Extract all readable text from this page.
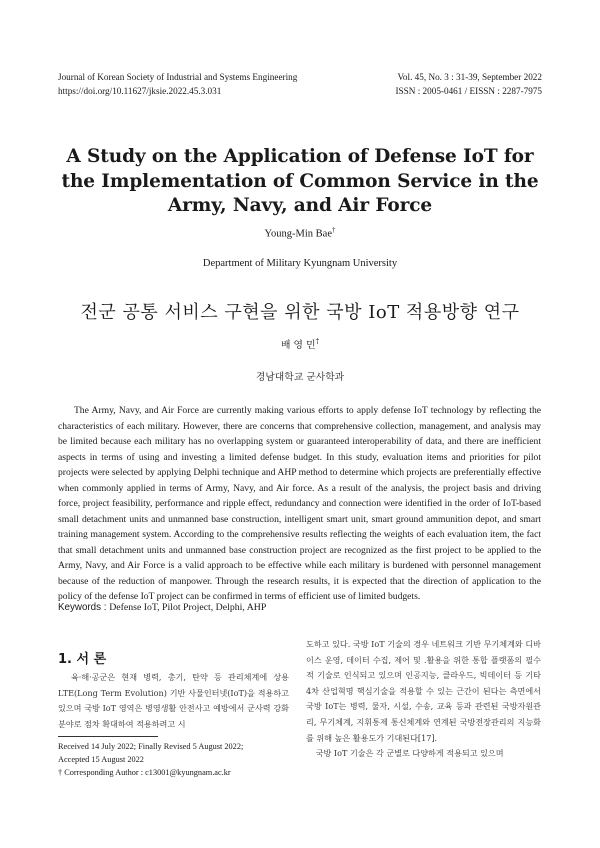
Journal of Korean Society of Industrial and Systems Engineering
https://doi.org/10.11627/jksie.2022.45.3.031
Vol. 45, No. 3 : 31-39, September 2022
ISSN : 2005-0461 / EISSN : 2287-7975
A Study on the Application of Defense IoT for the Implementation of Common Service in the Army, Navy, and Air Force
Young-Min Bae†
Department of Military Kyungnam University
전군 공통 서비스 구현을 위한 국방 IoT 적용방향 연구
배 영 민†
경남대학교 군사학과
The Army, Navy, and Air Force are currently making various efforts to apply defense IoT technology by reflecting the characteristics of each military. However, there are concerns that comprehensive collection, management, and analysis may be limited because each military has no overlapping system or guaranteed interoperability of data, and there are inefficient aspects in terms of using and investing a limited defense budget. In this study, evaluation items and priorities for pilot projects were selected by applying Delphi technique and AHP method to determine which projects are preferentially effective when commonly applied in terms of Army, Navy, and Air force. As a result of the analysis, the project basis and driving force, project feasibility, performance and ripple effect, redundancy and connection were identified in the order of IoT-based small detachment units and unmanned base construction, intelligent smart unit, smart ground ammunition depot, and smart training management system. According to the comprehensive results reflecting the weights of each evaluation item, the fact that small detachment units and unmanned base construction project are recognized as the first project to be applied to the Army, Navy, and Air Force is a valid approach to be effective while each military is burdened with personnel management because of the reduction of manpower. Through the research results, it is expected that the direction of application to the policy of the defense IoT project can be confirmed in terms of efficient use of limited budgets.
Keywords : Defense IoT, Pilot Project, Delphi, AHP
1. 서 론

육·해·공군은 현재 병력, 총기, 탄약 등 관리체계에 상용 LTE(Long Term Evolution) 기반 사물인터넷(IoT)을 적용하고 있으며 국방 IoT 영역은 병영생활 안전사고 예방에서 군사력 강화분야로 점차 확대하여 적용하려고 시

도하고 있다. 국방 IoT 기술의 경우 네트워크 기반 무기체계와 디바이스 운영, 데이터 수집, 제어 및 .활용을 위한 통합 플랫폼의 필수적 기술로 인식되고 있으며 인공지능, 클라우드, 빅데이터 등 기타 4차 산업혁명 핵심기술을 적용할 수 있는 근간이 된다는 측면에서 국방 IoT는 병력, 물자, 시설, 수송, 교육 등과 관련된 국방자원관리, 무기체계, 지휘통제 통신체계와 연계된 국방전장관리의 지능화를 위해 높은 활용도가 기대된다[17].

국방 IoT 기술은 각 군별로 다양하게 적용되고 있으며

Received 14 July 2022; Finally Revised 5 August 2022;
Accepted 15 August 2022
† Corresponding Author : c13001@kyungnam.ac.kr
